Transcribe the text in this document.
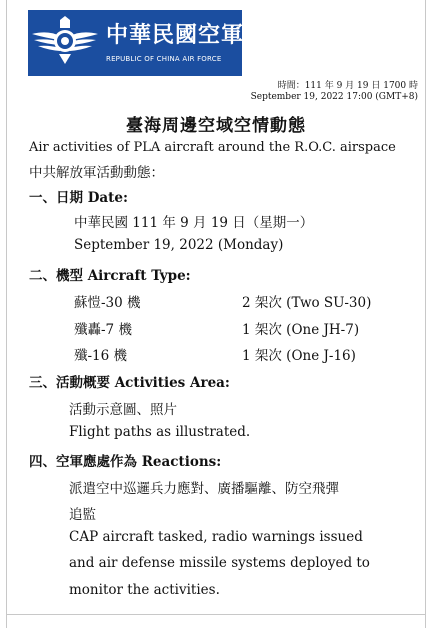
中華民國空軍
REPUBLIC OF CHINA AIR FORCE
時間：111 年 9 月 19 日 1700 時
September 19, 2022 17:00 (GMT+8)
臺海周邊空域空情動態
Air activities of PLA aircraft around the R.O.C. airspace
中共解放軍活動動態：
一、日期 Date:
中華民國 111 年 9 月 19 日（星期一）
September 19, 2022 (Monday)
二、機型 Aircraft Type:
蘇愷-30 機	2 架次 (Two SU-30)
殲轟-7 機	1 架次 (One JH-7)
殲-16 機	1 架次 (One J-16)
三、活動概要 Activities Area:
活動示意圖、照片
Flight paths as illustrated.
四、空軍應處作為 Reactions:
派遣空中巡邏兵力應對、廣播驅離、防空飛彈
追監
CAP aircraft tasked, radio warnings issued
and air defense missile systems deployed to
monitor the activities.
